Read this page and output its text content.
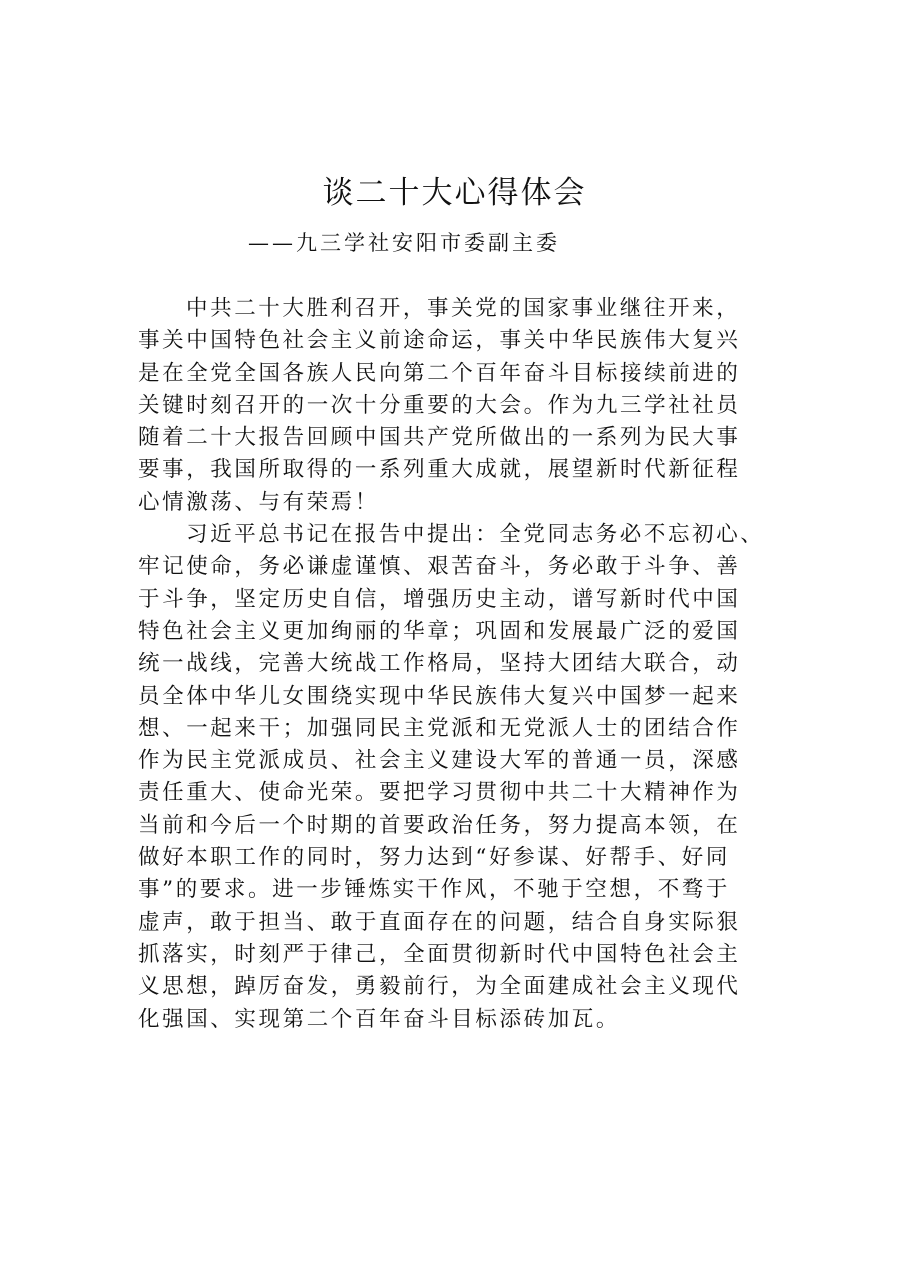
谈二十大心得体会

——九三学社安阳市委副主委

中共二十大胜利召开，事关党的国家事业继往开来，

事关中国特色社会主义前途命运，事关中华民族伟大复兴

是在全党全国各族人民向第二个百年奋斗目标接续前进的

关键时刻召开的一次十分重要的大会。作为九三学社社员

随着二十大报告回顾中国共产党所做出的一系列为民大事

要事，我国所取得的一系列重大成就，展望新时代新征程

心情激荡、与有荣焉！

习近平总书记在报告中提出：全党同志务必不忘初心、

牢记使命，务必谦虚谨慎、艰苦奋斗，务必敢于斗争、善

于斗争，坚定历史自信，增强历史主动，谱写新时代中国

特色社会主义更加绚丽的华章；巩固和发展最广泛的爱国

统一战线，完善大统战工作格局，坚持大团结大联合，动

员全体中华儿女围绕实现中华民族伟大复兴中国梦一起来

想、一起来干；加强同民主党派和无党派人士的团结合作

作为民主党派成员、社会主义建设大军的普通一员，深感

责任重大、使命光荣。要把学习贯彻中共二十大精神作为

当前和今后一个时期的首要政治任务，努力提高本领，在

做好本职工作的同时，努力达到“好参谋、好帮手、好同

事”的要求。进一步锤炼实干作风，不驰于空想，不骛于

虚声，敢于担当、敢于直面存在的问题，结合自身实际狠

抓落实，时刻严于律己，全面贯彻新时代中国特色社会主

义思想，踔厉奋发，勇毅前行，为全面建成社会主义现代

化强国、实现第二个百年奋斗目标添砖加瓦。
